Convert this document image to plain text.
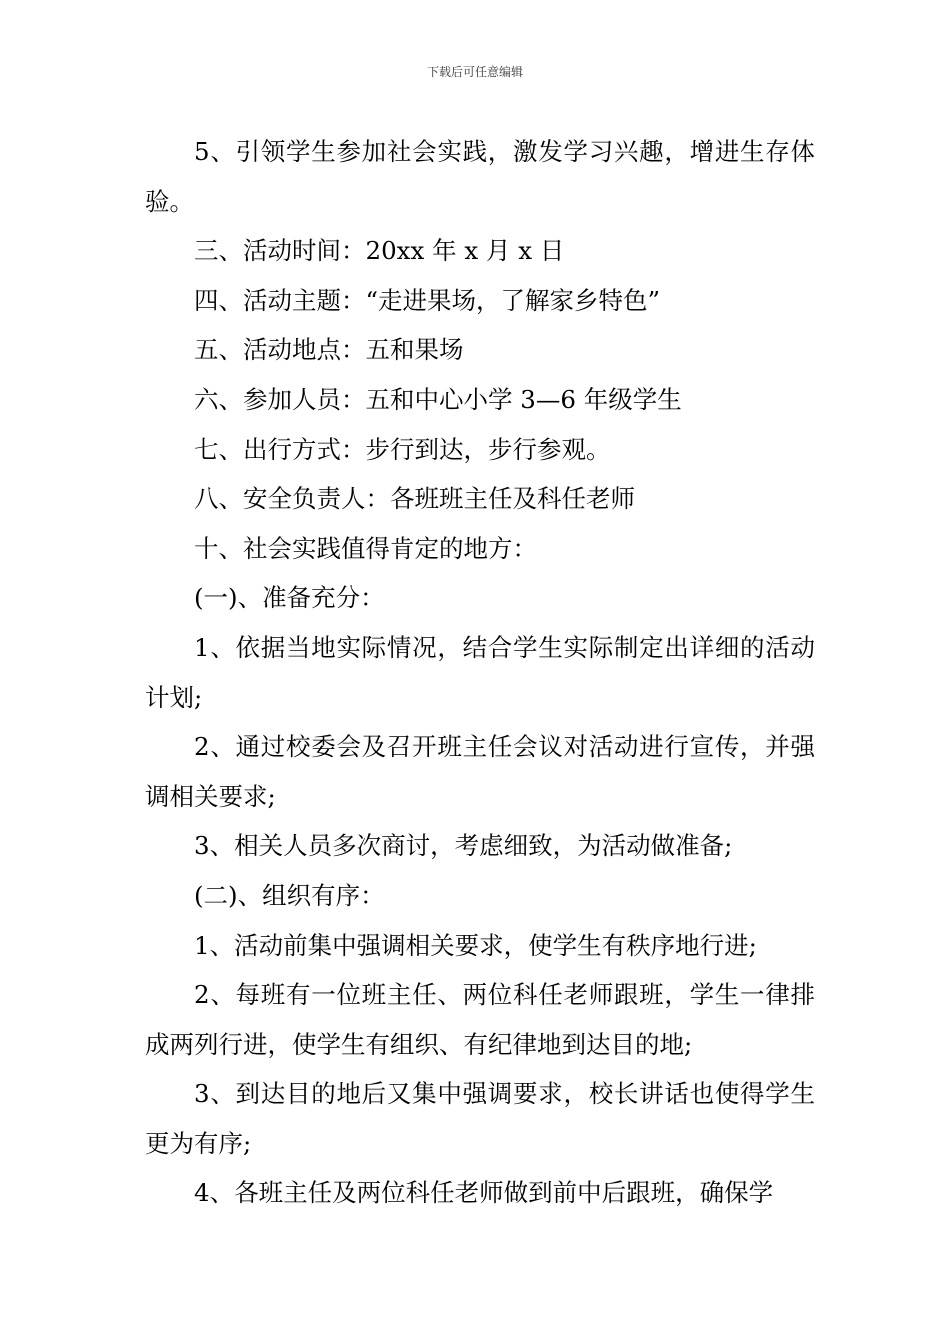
下载后可任意编辑

5、引领学生参加社会实践，激发学习兴趣，增进生存体验。

三、活动时间：20xx 年 x 月 x 日

四、活动主题：“走进果场，了解家乡特色”

五、活动地点：五和果场

六、参加人员：五和中心小学 3—6 年级学生

七、出行方式：步行到达，步行参观。

八、安全负责人：各班班主任及科任老师

十、社会实践值得肯定的地方：

(一)、准备充分：

1、依据当地实际情况，结合学生实际制定出详细的活动计划;

2、通过校委会及召开班主任会议对活动进行宣传，并强调相关要求;

3、相关人员多次商讨，考虑细致，为活动做准备;

(二)、组织有序：

1、活动前集中强调相关要求，使学生有秩序地行进;

2、每班有一位班主任、两位科任老师跟班，学生一律排成两列行进，使学生有组织、有纪律地到达目的地;

3、到达目的地后又集中强调要求，校长讲话也使得学生更为有序;

4、各班主任及两位科任老师做到前中后跟班，确保学
